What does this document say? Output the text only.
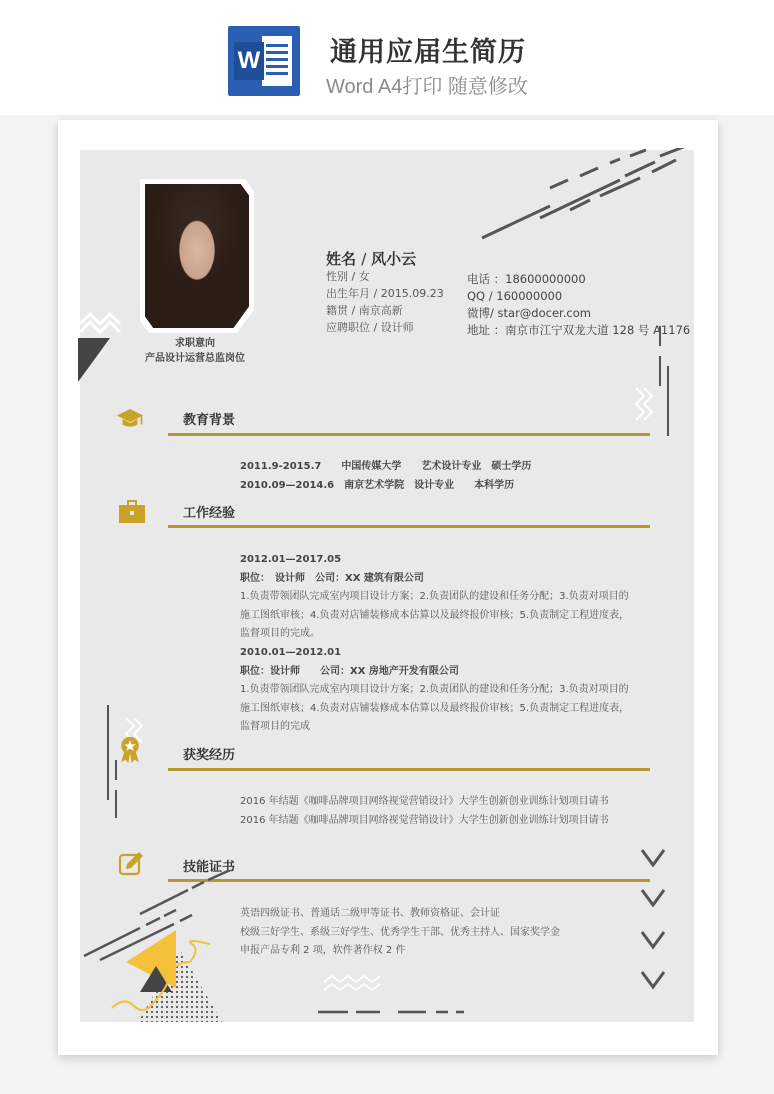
W	通用应届生简历
Word A4打印 随意修改
求职意向
产品设计运营总监岗位
姓名 / 风小云
性别 / 女
出生年月 / 2015.09.23
籍贯 / 南京高新
应聘职位 / 设计师
电话 ：18600000000
QQ / 160000000
微博/ star@docer.com
地址 ：南京市江宁双龙大道 128 号 A1176
教育背景
2011.9-2015.7　　中国传媒大学　　艺术设计专业　硕士学历
2010.09—2014.6　南京艺术学院　设计专业　　本科学历
工作经验
2012.01—2017.05
职位：　设计师　公司：XX 建筑有限公司
1.负责带领团队完成室内项目设计方案；2.负责团队的建设和任务分配；3.负责对项目的
施工图纸审核；4.负责对店铺装修成本估算以及最终报价审核；5.负责制定工程进度表，
监督项目的完成。
2010.01—2012.01
职位：设计师　　公司：XX 房地产开发有限公司
1.负责带领团队完成室内项目设计方案；2.负责团队的建设和任务分配；3.负责对项目的
施工图纸审核；4.负责对店铺装修成本估算以及最终报价审核；5.负责制定工程进度表，
监督项目的完成
获奖经历
2016 年结题《咖啡品牌项目网络视觉营销设计》大学生创新创业训练计划项目请书
2016 年结题《咖啡品牌项目网络视觉营销设计》大学生创新创业训练计划项目请书
技能证书
英语四级证书、普通话二级甲等证书、教师资格证、会计证
校级三好学生、系级三好学生、优秀学生干部、优秀主持人、国家奖学金
申报产品专利 2 项，软件著作权 2 件
